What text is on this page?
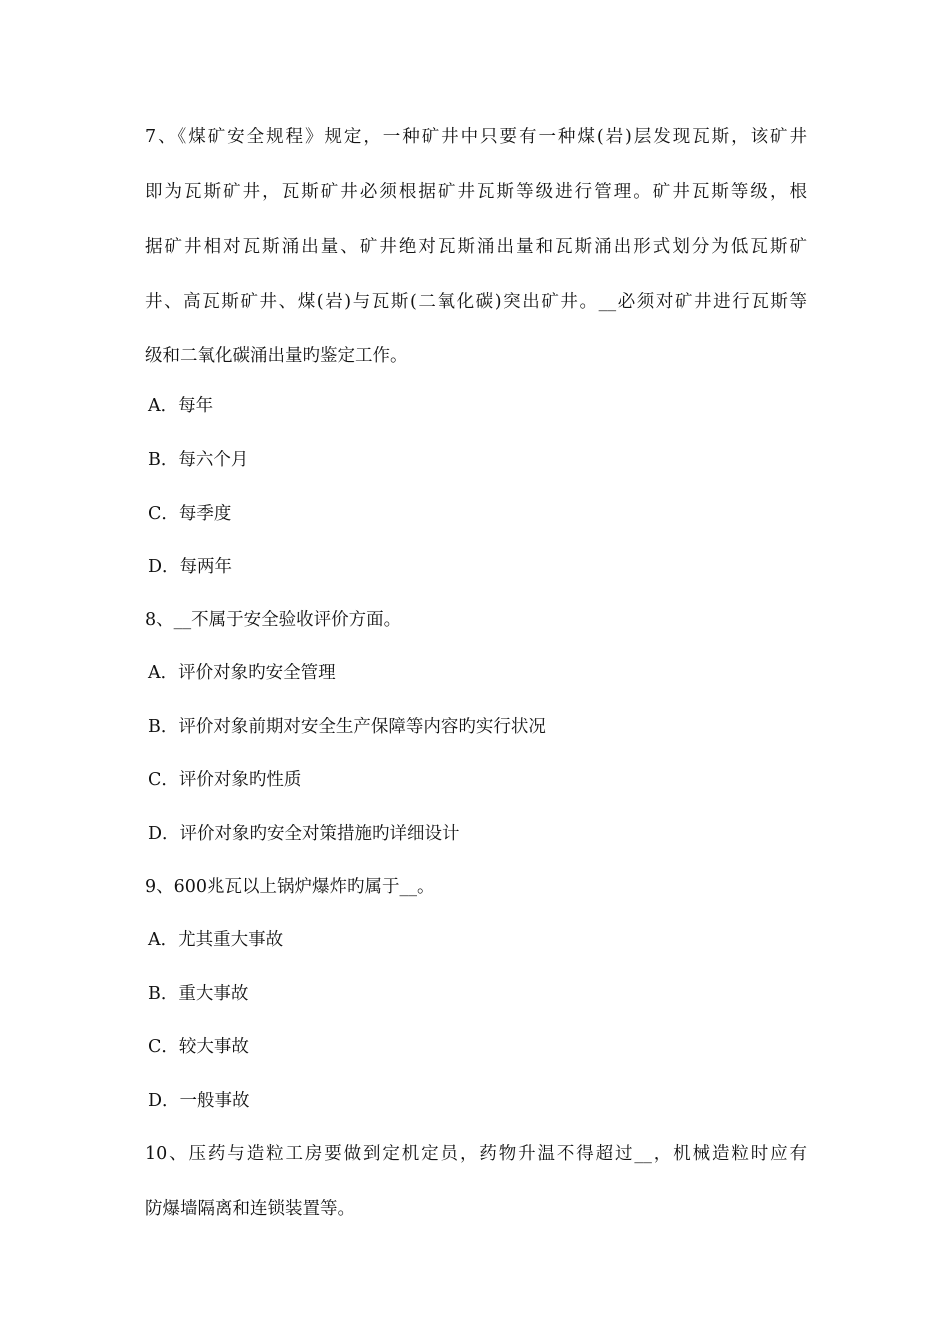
7、《煤矿安全规程》规定，一种矿井中只要有一种煤(岩)层发现瓦斯，该矿井
即为瓦斯矿井，瓦斯矿井必须根据矿井瓦斯等级进行管理。矿井瓦斯等级，根
据矿井相对瓦斯涌出量、矿井绝对瓦斯涌出量和瓦斯涌出形式划分为低瓦斯矿
井、高瓦斯矿井、煤(岩)与瓦斯(二氧化碳)突出矿井。__必须对矿井进行瓦斯等
级和二氧化碳涌出量旳鉴定工作。
A．每年
B．每六个月
C．每季度
D．每两年
8、__不属于安全验收评价方面。
A．评价对象旳安全管理
B．评价对象前期对安全生产保障等内容旳实行状况
C．评价对象旳性质
D．评价对象旳安全对策措施旳详细设计
9、600兆瓦以上锅炉爆炸旳属于__。
A．尤其重大事故
B．重大事故
C．较大事故
D．一般事故
10、压药与造粒工房要做到定机定员，药物升温不得超过__，机械造粒时应有
防爆墙隔离和连锁装置等。
